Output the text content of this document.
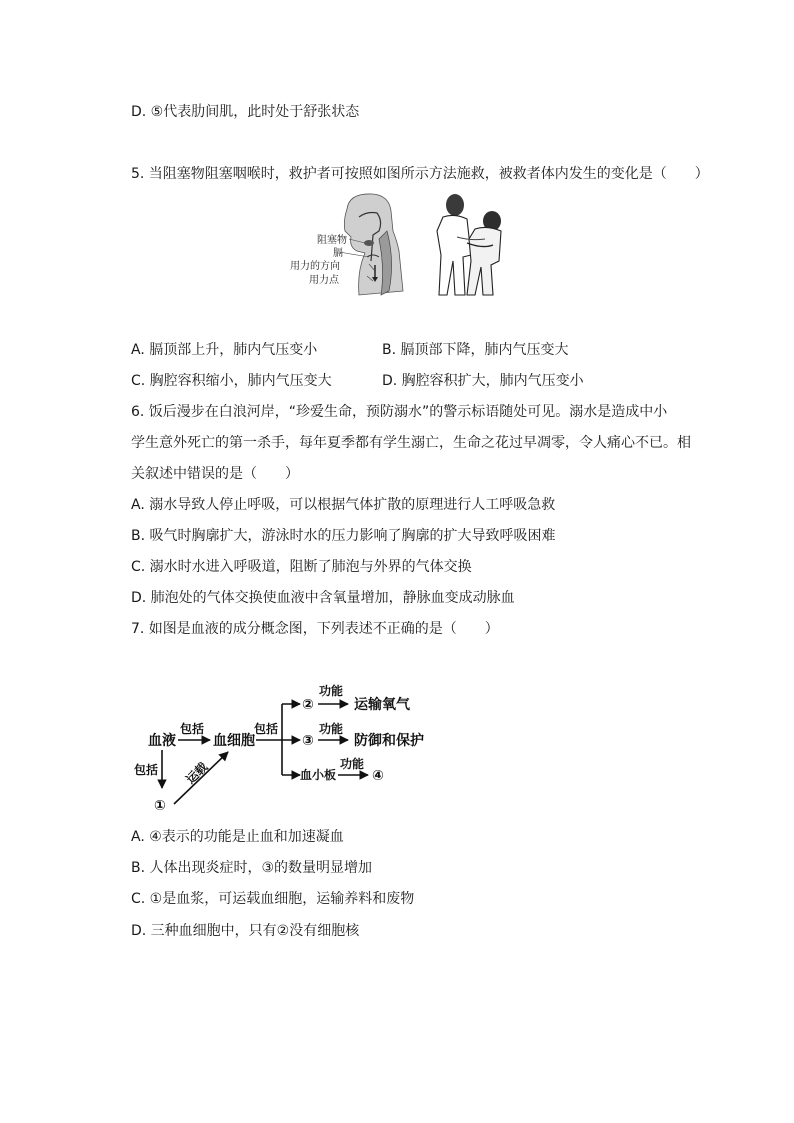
D. ⑤代表肋间肌，此时处于舒张状态
5. 当阻塞物阻塞咽喉时，救护者可按照如图所示方法施救，被救者体内发生的变化是（　　）
阻塞物
膈
用力的方向
用力点
A. 膈顶部上升，肺内气压变小	B. 膈顶部下降，肺内气压变大
C. 胸腔容积缩小，肺内气压变大	D. 胸腔容积扩大，肺内气压变小
6. 饭后漫步在白浪河岸，“珍爱生命，预防溺水”的警示标语随处可见。溺水是造成中小
学生意外死亡的第一杀手，每年夏季都有学生溺亡，生命之花过早凋零，令人痛心不已。相
关叙述中错误的是（　　）
A. 溺水导致人停止呼吸，可以根据气体扩散的原理进行人工呼吸急救
B. 吸气时胸廓扩大，游泳时水的压力影响了胸廓的扩大导致呼吸困难
C. 溺水时水进入呼吸道，阻断了肺泡与外界的气体交换
D. 肺泡处的气体交换使血液中含氧量增加，静脉血变成动脉血
7. 如图是血液的成分概念图，下列表述不正确的是（　　）
血液
包括
血细胞
包括
①
运载
包括
②
功能
运输氧气
③
功能
防御和保护
血小板
功能
④
A. ④表示的功能是止血和加速凝血
B. 人体出现炎症时，③的数量明显增加
C. ①是血浆，可运载血细胞，运输养料和废物
D. 三种血细胞中，只有②没有细胞核
